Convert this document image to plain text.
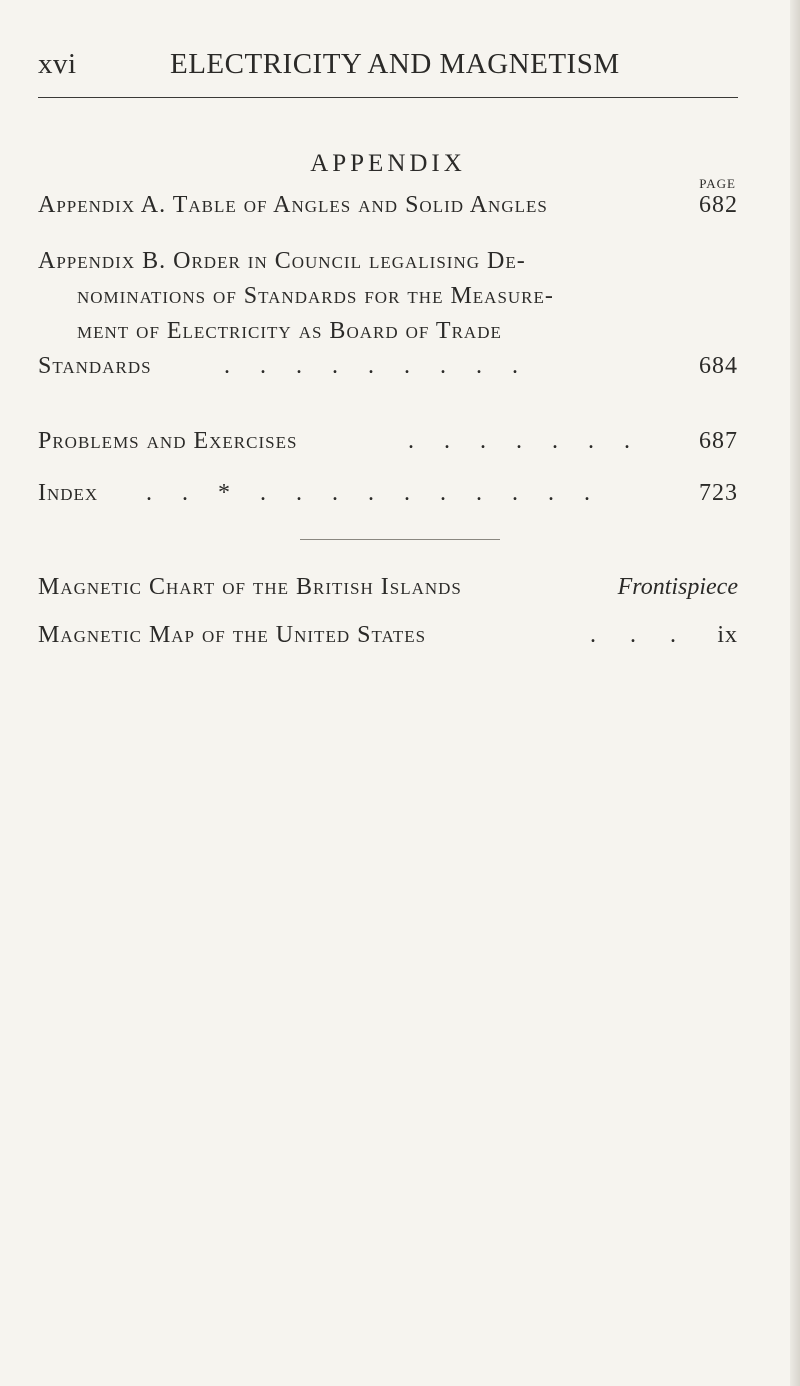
xvi	ELECTRICITY AND MAGNETISM
APPENDIX
PAGE
Appendix A. Table of Angles and Solid Angles	682
Appendix B. Order in Council legalising De-
nominations of Standards for the Measure-
ment of Electricity as Board of Trade
Standards	. . . . . . . . .	684
Problems and Exercises	. . . . . . . 687
Index . . * . . . . . . . . . .	723
Magnetic Chart of the British Islands	Frontispiece
Magnetic Map of the United States	. . . ix
